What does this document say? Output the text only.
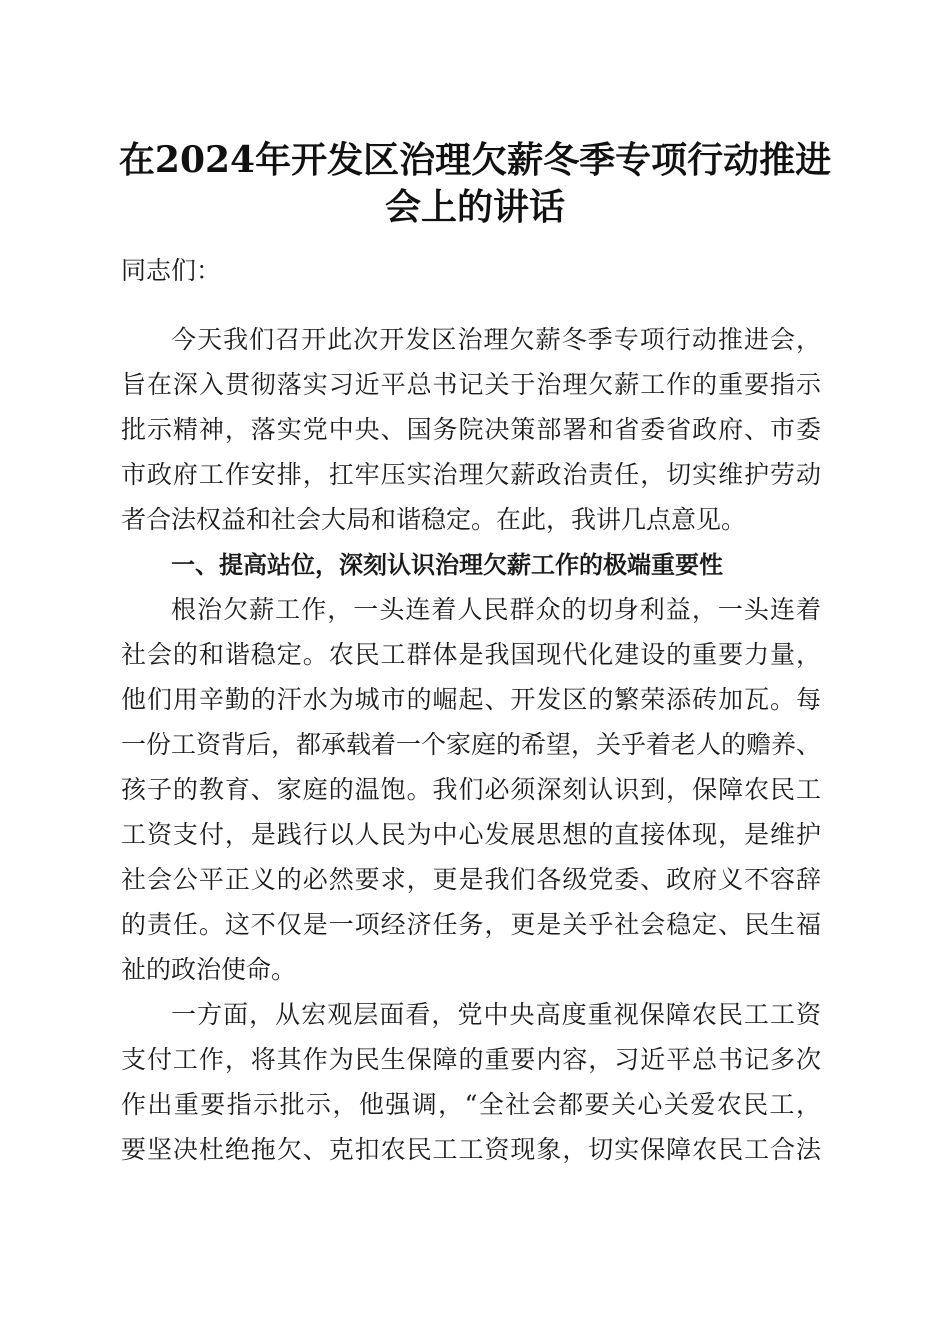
在2024年开发区治理欠薪冬季专项行动推进
会上的讲话
同志们：
今天我们召开此次开发区治理欠薪冬季专项行动推进会，
旨在深入贯彻落实习近平总书记关于治理欠薪工作的重要指示
批示精神，落实党中央、国务院决策部署和省委省政府、市委
市政府工作安排，扛牢压实治理欠薪政治责任，切实维护劳动
者合法权益和社会大局和谐稳定。在此，我讲几点意见。
一、提高站位，深刻认识治理欠薪工作的极端重要性
根治欠薪工作，一头连着人民群众的切身利益，一头连着
社会的和谐稳定。农民工群体是我国现代化建设的重要力量，
他们用辛勤的汗水为城市的崛起、开发区的繁荣添砖加瓦。每
一份工资背后，都承载着一个家庭的希望，关乎着老人的赡养、
孩子的教育、家庭的温饱。我们必须深刻认识到，保障农民工
工资支付，是践行以人民为中心发展思想的直接体现，是维护
社会公平正义的必然要求，更是我们各级党委、政府义不容辞
的责任。这不仅是一项经济任务，更是关乎社会稳定、民生福
祉的政治使命。
一方面，从宏观层面看，党中央高度重视保障农民工工资
支付工作，将其作为民生保障的重要内容，习近平总书记多次
作出重要指示批示，他强调，“全社会都要关心关爱农民工，
要坚决杜绝拖欠、克扣农民工工资现象，切实保障农民工合法
